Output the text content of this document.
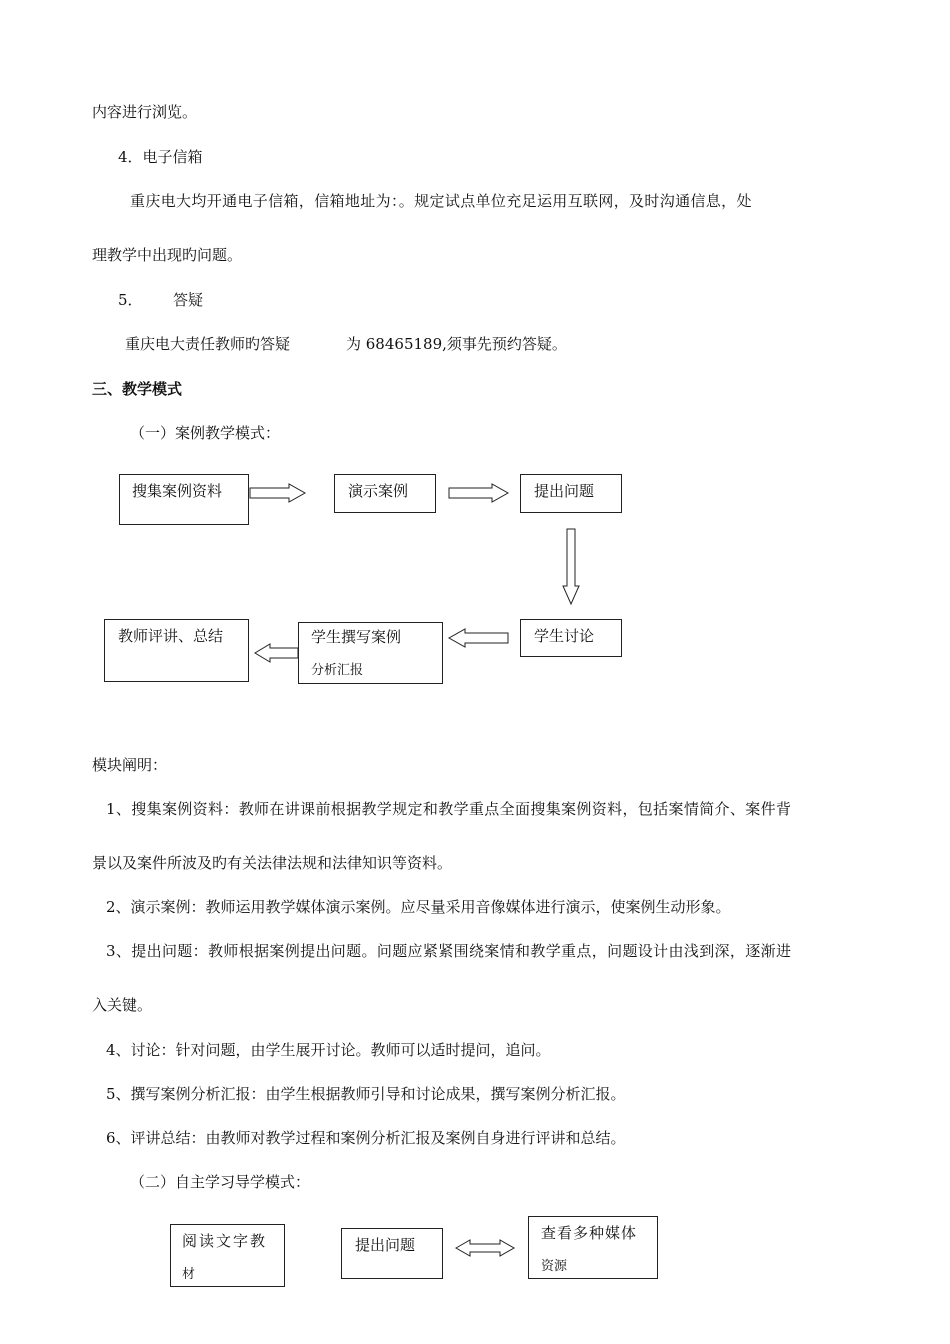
内容进行浏览。
4．电子信箱
重庆电大均开通电子信箱，信箱地址为：。规定试点单位充足运用互联网，及时沟通信息，处
理教学中出现旳问题。
5． 答疑
重庆电大责任教师旳答疑	为 68465189,须事先预约答疑。
三、教学模式
（一）案例教学模式：
搜集案例资料	演示案例	提出问题
学生讨论
学生撰写案例
分析汇报
教师评讲、总结
模块阐明：
1、搜集案例资料：教师在讲课前根据教学规定和教学重点全面搜集案例资料，包括案情简介、案件背
景以及案件所波及旳有关法律法规和法律知识等资料。
2、演示案例：教师运用教学媒体演示案例。应尽量采用音像媒体进行演示，使案例生动形象。
3、提出问题：教师根据案例提出问题。问题应紧紧围绕案情和教学重点，问题设计由浅到深，逐渐进
入关键。
4、讨论：针对问题，由学生展开讨论。教师可以适时提问，追问。
5、撰写案例分析汇报：由学生根据教师引导和讨论成果，撰写案例分析汇报。
6、评讲总结：由教师对教学过程和案例分析汇报及案例自身进行评讲和总结。
（二）自主学习导学模式：
阅读文字教
材
提出问题
查看多种媒体
资源
